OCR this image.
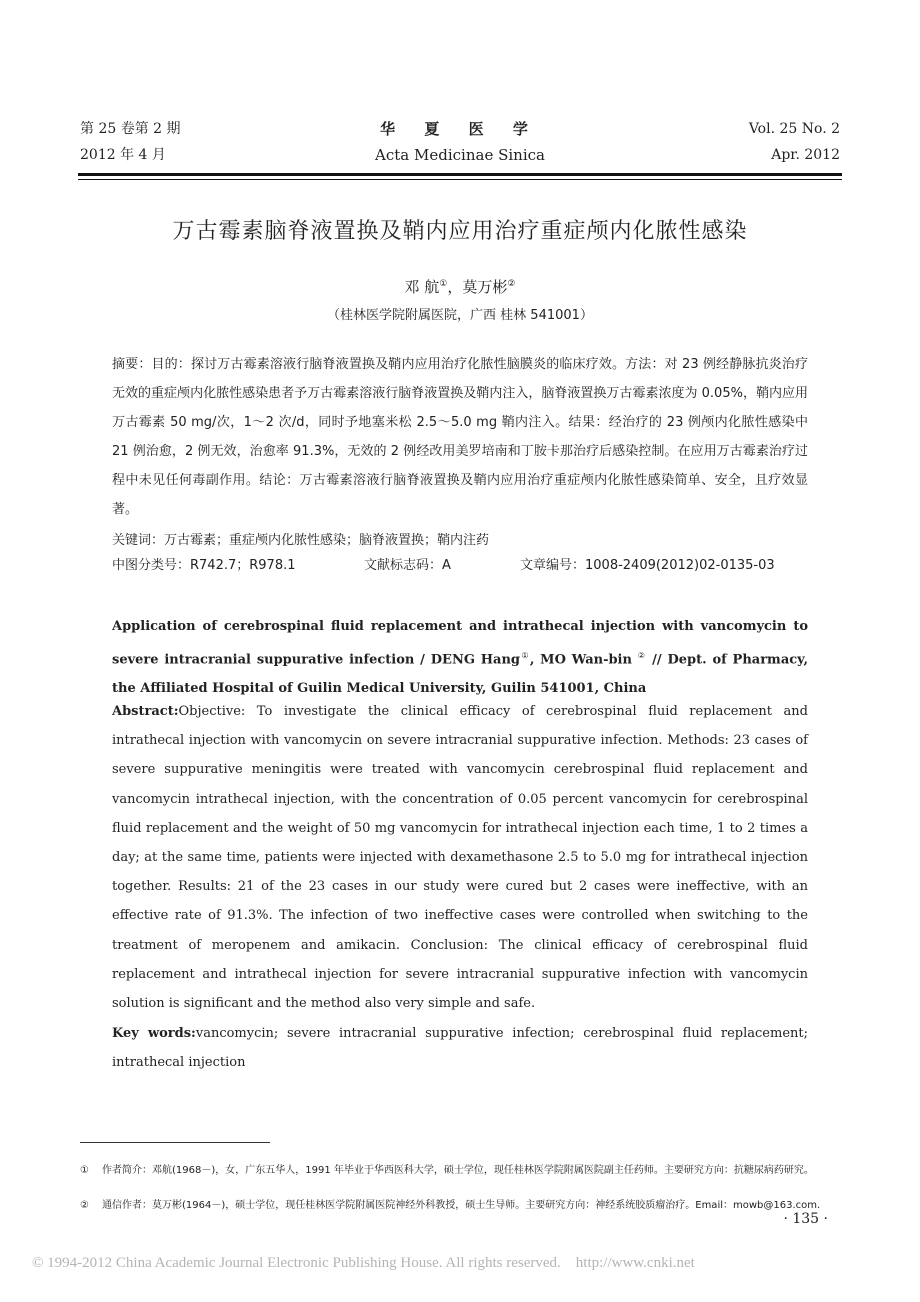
第 25 卷第 2 期
2012 年 4 月
华 夏 医 学
Acta Medicinae Sinica
Vol. 25 No. 2
Apr. 2012
万古霉素脑脊液置换及鞘内应用治疗重症颅内化脓性感染
邓 航①，莫万彬②
（桂林医学院附属医院，广西 桂林 541001）
摘要：目的：探讨万古霉素溶液行脑脊液置换及鞘内应用治疗化脓性脑膜炎的临床疗效。方法：对 23 例经静脉抗炎治疗无效的重症颅内化脓性感染患者予万古霉素溶液行脑脊液置换及鞘内注入，脑脊液置换万古霉素浓度为 0.05%，鞘内应用万古霉素 50 mg/次，1～2 次/d，同时予地塞米松 2.5～5.0 mg 鞘内注入。结果：经治疗的 23 例颅内化脓性感染中 21 例治愈，2 例无效，治愈率 91.3%，无效的 2 例经改用美罗培南和丁胺卡那治疗后感染控制。在应用万古霉素治疗过程中未见任何毒副作用。结论：万古霉素溶液行脑脊液置换及鞘内应用治疗重症颅内化脓性感染简单、安全，且疗效显著。
关键词：万古霉素；重症颅内化脓性感染；脑脊液置换；鞘内注药
中图分类号：R742.7；R978.1	文献标志码：A	文章编号：1008-2409(2012)02-0135-03
Application of cerebrospinal fluid replacement and intrathecal injection with vancomycin to severe intracranial suppurative infection / DENG Hang①, MO Wan-bin ② // Dept. of Pharmacy, the Affiliated Hospital of Guilin Medical University, Guilin 541001, China
Abstract:Objective: To investigate the clinical efficacy of cerebrospinal fluid replacement and intrathecal injection with vancomycin on severe intracranial suppurative infection. Methods: 23 cases of severe suppurative meningitis were treated with vancomycin cerebrospinal fluid replacement and vancomycin intrathecal injection, with the concentration of 0.05 percent vancomycin for cerebrospinal fluid replacement and the weight of 50 mg vancomycin for intrathecal injection each time, 1 to 2 times a day; at the same time, patients were injected with dexamethasone 2.5 to 5.0 mg for intrathecal injection together. Results: 21 of the 23 cases in our study were cured but 2 cases were ineffective, with an effective rate of 91.3%. The infection of two ineffective cases were controlled when switching to the treatment of meropenem and amikacin. Conclusion: The clinical efficacy of cerebrospinal fluid replacement and intrathecal injection for severe intracranial suppurative infection with vancomycin solution is significant and the method also very simple and safe.
Key words:vancomycin; severe intracranial suppurative infection; cerebrospinal fluid replacement; intrathecal injection
① 作者简介：邓航(1968－)，女，广东五华人，1991 年毕业于华西医科大学，硕士学位，现任桂林医学院附属医院副主任药师。主要研究方向：抗糖尿病药研究。
② 通信作者：莫万彬(1964－)，硕士学位，现任桂林医学院附属医院神经外科教授，硕士生导师。主要研究方向：神经系统胶质瘤治疗。Email：mowb@163.com.
· 135 ·
© 1994-2012 China Academic Journal Electronic Publishing House. All rights reserved.    http://www.cnki.net
